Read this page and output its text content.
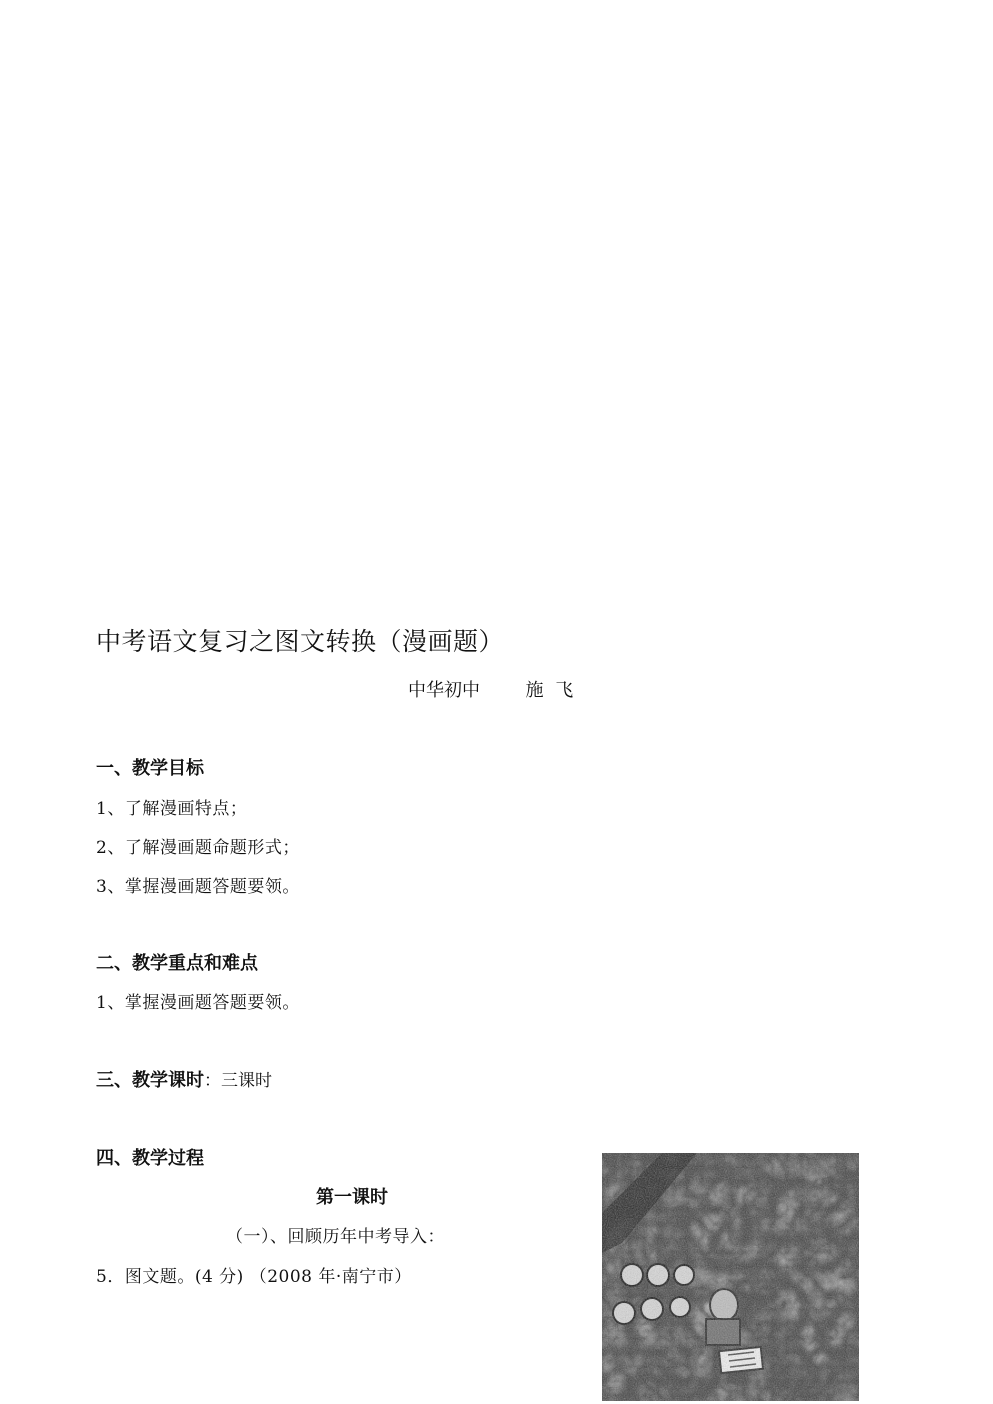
中考语文复习之图文转换（漫画题）
中华初中	施 飞
一、教学目标
1、了解漫画特点；
2、了解漫画题命题形式；
3、掌握漫画题答题要领。
二、教学重点和难点
1、掌握漫画题答题要领。
三、教学课时：三课时
四、教学过程
第一课时
（一）、回顾历年中考导入：
5．图文题。(4 分) （2008 年·南宁市）
